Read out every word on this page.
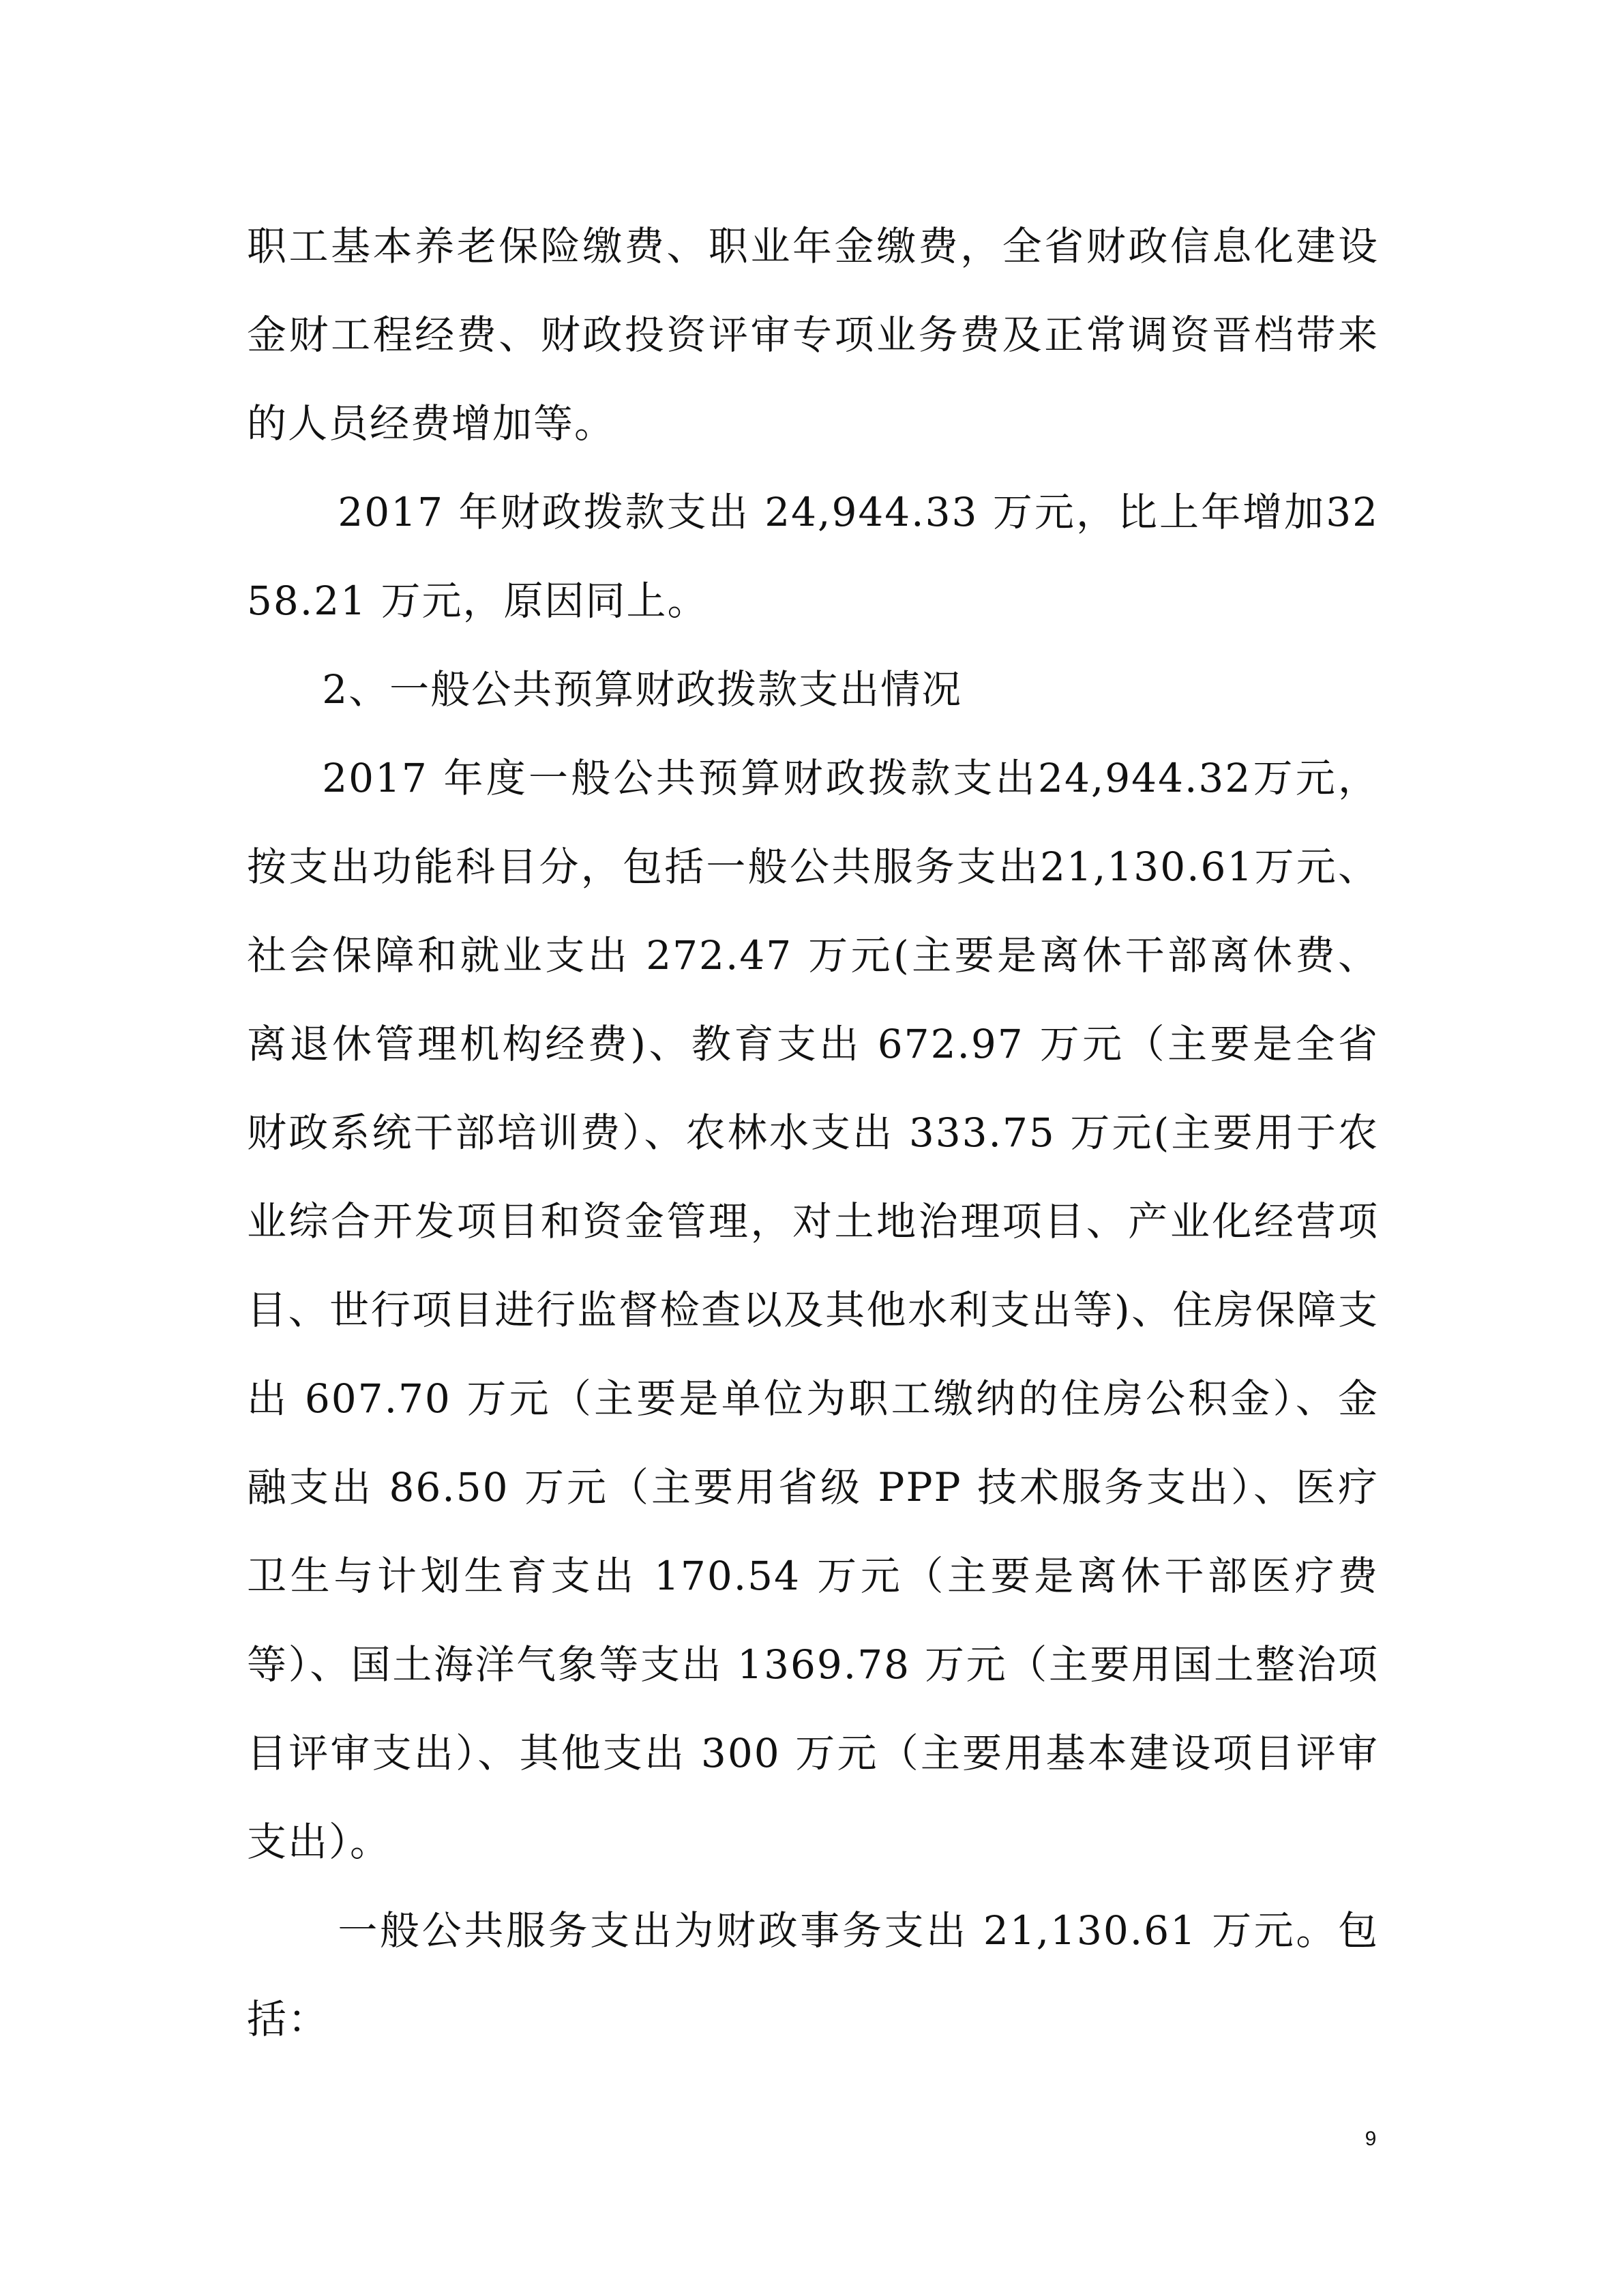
职工基本养老保险缴费、职业年金缴费，全省财政信息化建设金财工程经费、财政投资评审专项业务费及正常调资晋档带来的人员经费增加等。

2017 年财政拨款支出 24,944.33 万元，比上年增加3258.21 万元，原因同上。

2、一般公共预算财政拨款支出情况

2017 年度一般公共预算财政拨款支出24,944.32万元，按支出功能科目分，包括一般公共服务支出21,130.61万元、社会保障和就业支出 272.47 万元(主要是离休干部离休费、离退休管理机构经费)、教育支出 672.97 万元（主要是全省财政系统干部培训费）、农林水支出 333.75 万元(主要用于农业综合开发项目和资金管理，对土地治理项目、产业化经营项目、世行项目进行监督检查以及其他水利支出等)、住房保障支出 607.70 万元（主要是单位为职工缴纳的住房公积金）、金融支出 86.50 万元（主要用省级 PPP 技术服务支出）、医疗卫生与计划生育支出 170.54 万元（主要是离休干部医疗费等）、国土海洋气象等支出 1369.78 万元（主要用国土整治项目评审支出）、其他支出 300 万元（主要用基本建设项目评审支出）。

一般公共服务支出为财政事务支出 21,130.61 万元。包括：

9
